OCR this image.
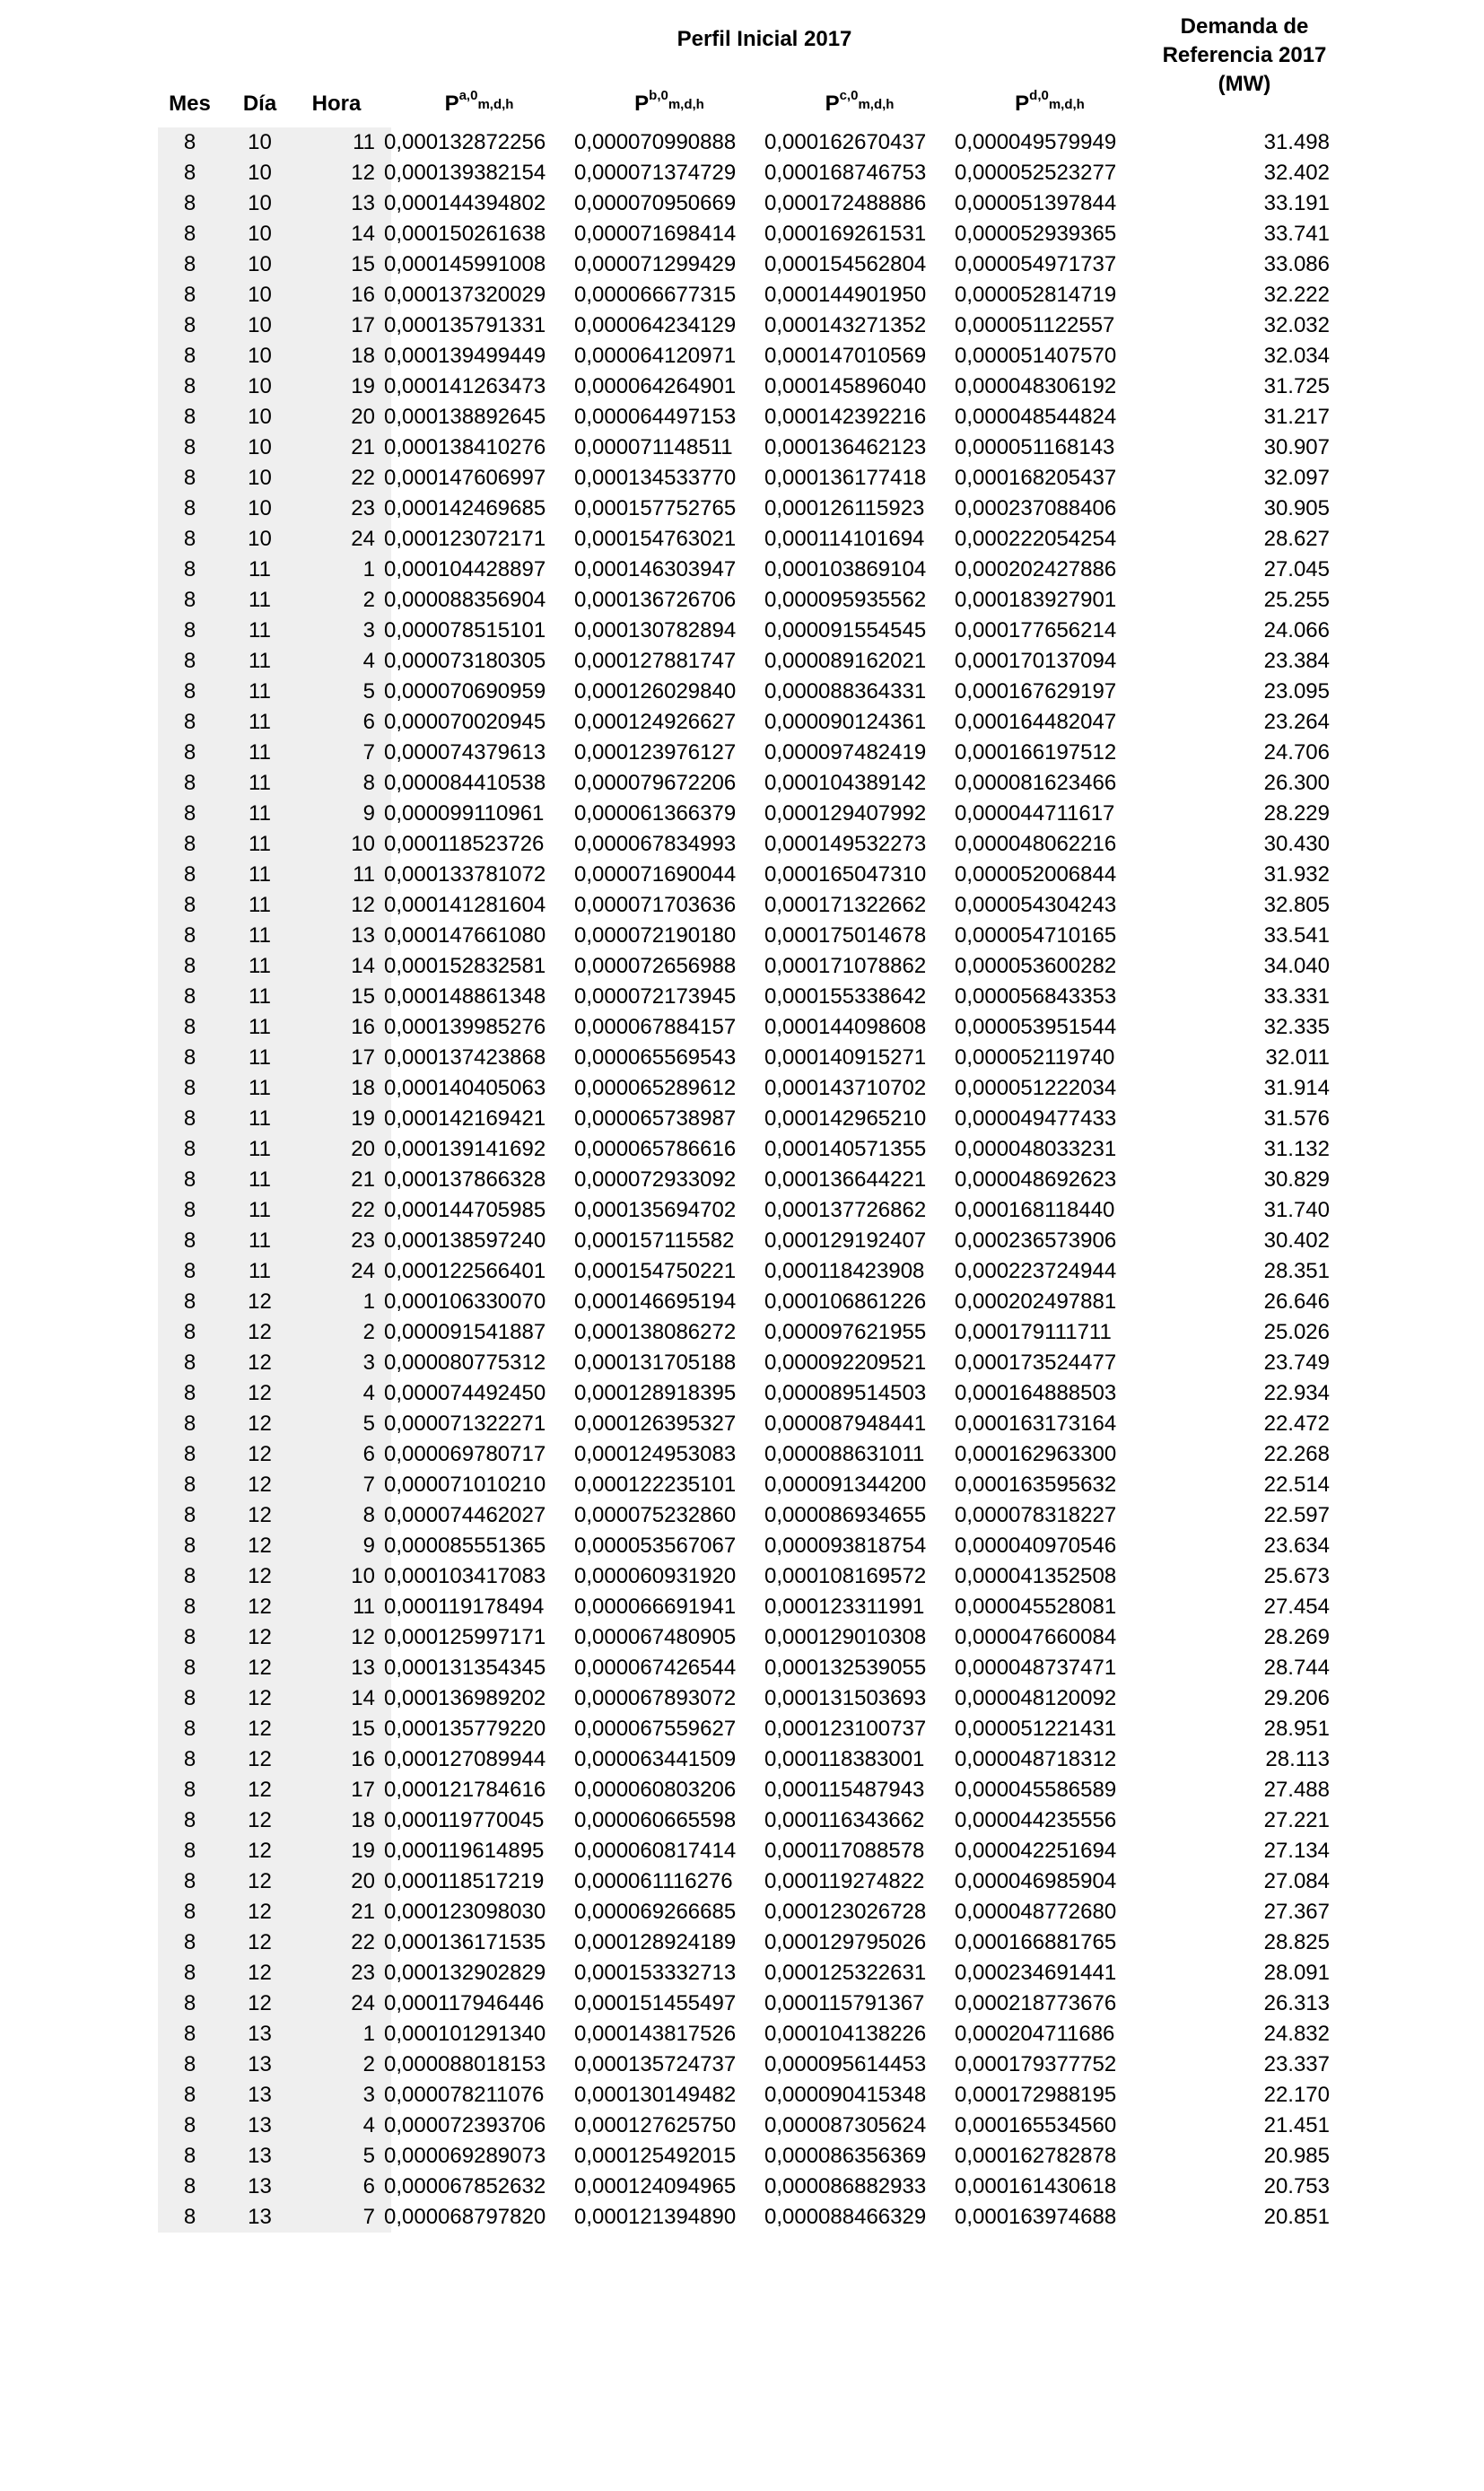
Perfil Inicial 2017
Demanda de
Referencia 2017
(MW)
Mes	Día	Hora	P$^{a,0}_{m,d,h}$	P$^{b,0}_{m,d,h}$	P$^{c,0}_{m,d,h}$	P$^{d,0}_{m,d,h}$
8	10	11 0,000132872256	0,000070990888	0,000162670437	0,000049579949	31.498
8	10	12 0,000139382154	0,000071374729	0,000168746753	0,000052523277	32.402
8	10	13 0,000144394802	0,000070950669	0,000172488886	0,000051397844	33.191
8	10	14 0,000150261638	0,000071698414	0,000169261531	0,000052939365	33.741
8	10	15 0,000145991008	0,000071299429	0,000154562804	0,000054971737	33.086
8	10	16 0,000137320029	0,000066677315	0,000144901950	0,000052814719	32.222
8	10	17 0,000135791331	0,000064234129	0,000143271352	0,000051122557	32.032
8	10	18 0,000139499449	0,000064120971	0,000147010569	0,000051407570	32.034
8	10	19 0,000141263473	0,000064264901	0,000145896040	0,000048306192	31.725
8	10	20 0,000138892645	0,000064497153	0,000142392216	0,000048544824	31.217
8	10	21 0,000138410276	0,000071148511	0,000136462123	0,000051168143	30.907
8	10	22 0,000147606997	0,000134533770	0,000136177418	0,000168205437	32.097
8	10	23 0,000142469685	0,000157752765	0,000126115923	0,000237088406	30.905
8	10	24 0,000123072171	0,000154763021	0,000114101694	0,000222054254	28.627
8	11	1 0,000104428897	0,000146303947	0,000103869104	0,000202427886	27.045
8	11	2 0,000088356904	0,000136726706	0,000095935562	0,000183927901	25.255
8	11	3 0,000078515101	0,000130782894	0,000091554545	0,000177656214	24.066
8	11	4 0,000073180305	0,000127881747	0,000089162021	0,000170137094	23.384
8	11	5 0,000070690959	0,000126029840	0,000088364331	0,000167629197	23.095
8	11	6 0,000070020945	0,000124926627	0,000090124361	0,000164482047	23.264
8	11	7 0,000074379613	0,000123976127	0,000097482419	0,000166197512	24.706
8	11	8 0,000084410538	0,000079672206	0,000104389142	0,000081623466	26.300
8	11	9 0,000099110961	0,000061366379	0,000129407992	0,000044711617	28.229
8	11	10 0,000118523726	0,000067834993	0,000149532273	0,000048062216	30.430
8	11	11 0,000133781072	0,000071690044	0,000165047310	0,000052006844	31.932
8	11	12 0,000141281604	0,000071703636	0,000171322662	0,000054304243	32.805
8	11	13 0,000147661080	0,000072190180	0,000175014678	0,000054710165	33.541
8	11	14 0,000152832581	0,000072656988	0,000171078862	0,000053600282	34.040
8	11	15 0,000148861348	0,000072173945	0,000155338642	0,000056843353	33.331
8	11	16 0,000139985276	0,000067884157	0,000144098608	0,000053951544	32.335
8	11	17 0,000137423868	0,000065569543	0,000140915271	0,000052119740	32.011
8	11	18 0,000140405063	0,000065289612	0,000143710702	0,000051222034	31.914
8	11	19 0,000142169421	0,000065738987	0,000142965210	0,000049477433	31.576
8	11	20 0,000139141692	0,000065786616	0,000140571355	0,000048033231	31.132
8	11	21 0,000137866328	0,000072933092	0,000136644221	0,000048692623	30.829
8	11	22 0,000144705985	0,000135694702	0,000137726862	0,000168118440	31.740
8	11	23 0,000138597240	0,000157115582	0,000129192407	0,000236573906	30.402
8	11	24 0,000122566401	0,000154750221	0,000118423908	0,000223724944	28.351
8	12	1 0,000106330070	0,000146695194	0,000106861226	0,000202497881	26.646
8	12	2 0,000091541887	0,000138086272	0,000097621955	0,000179111711	25.026
8	12	3 0,000080775312	0,000131705188	0,000092209521	0,000173524477	23.749
8	12	4 0,000074492450	0,000128918395	0,000089514503	0,000164888503	22.934
8	12	5 0,000071322271	0,000126395327	0,000087948441	0,000163173164	22.472
8	12	6 0,000069780717	0,000124953083	0,000088631011	0,000162963300	22.268
8	12	7 0,000071010210	0,000122235101	0,000091344200	0,000163595632	22.514
8	12	8 0,000074462027	0,000075232860	0,000086934655	0,000078318227	22.597
8	12	9 0,000085551365	0,000053567067	0,000093818754	0,000040970546	23.634
8	12	10 0,000103417083	0,000060931920	0,000108169572	0,000041352508	25.673
8	12	11 0,000119178494	0,000066691941	0,000123311991	0,000045528081	27.454
8	12	12 0,000125997171	0,000067480905	0,000129010308	0,000047660084	28.269
8	12	13 0,000131354345	0,000067426544	0,000132539055	0,000048737471	28.744
8	12	14 0,000136989202	0,000067893072	0,000131503693	0,000048120092	29.206
8	12	15 0,000135779220	0,000067559627	0,000123100737	0,000051221431	28.951
8	12	16 0,000127089944	0,000063441509	0,000118383001	0,000048718312	28.113
8	12	17 0,000121784616	0,000060803206	0,000115487943	0,000045586589	27.488
8	12	18 0,000119770045	0,000060665598	0,000116343662	0,000044235556	27.221
8	12	19 0,000119614895	0,000060817414	0,000117088578	0,000042251694	27.134
8	12	20 0,000118517219	0,000061116276	0,000119274822	0,000046985904	27.084
8	12	21 0,000123098030	0,000069266685	0,000123026728	0,000048772680	27.367
8	12	22 0,000136171535	0,000128924189	0,000129795026	0,000166881765	28.825
8	12	23 0,000132902829	0,000153332713	0,000125322631	0,000234691441	28.091
8	12	24 0,000117946446	0,000151455497	0,000115791367	0,000218773676	26.313
8	13	1 0,000101291340	0,000143817526	0,000104138226	0,000204711686	24.832
8	13	2 0,000088018153	0,000135724737	0,000095614453	0,000179377752	23.337
8	13	3 0,000078211076	0,000130149482	0,000090415348	0,000172988195	22.170
8	13	4 0,000072393706	0,000127625750	0,000087305624	0,000165534560	21.451
8	13	5 0,000069289073	0,000125492015	0,000086356369	0,000162782878	20.985
8	13	6 0,000067852632	0,000124094965	0,000086882933	0,000161430618	20.753
8	13	7 0,000068797820	0,000121394890	0,000088466329	0,000163974688	20.851
